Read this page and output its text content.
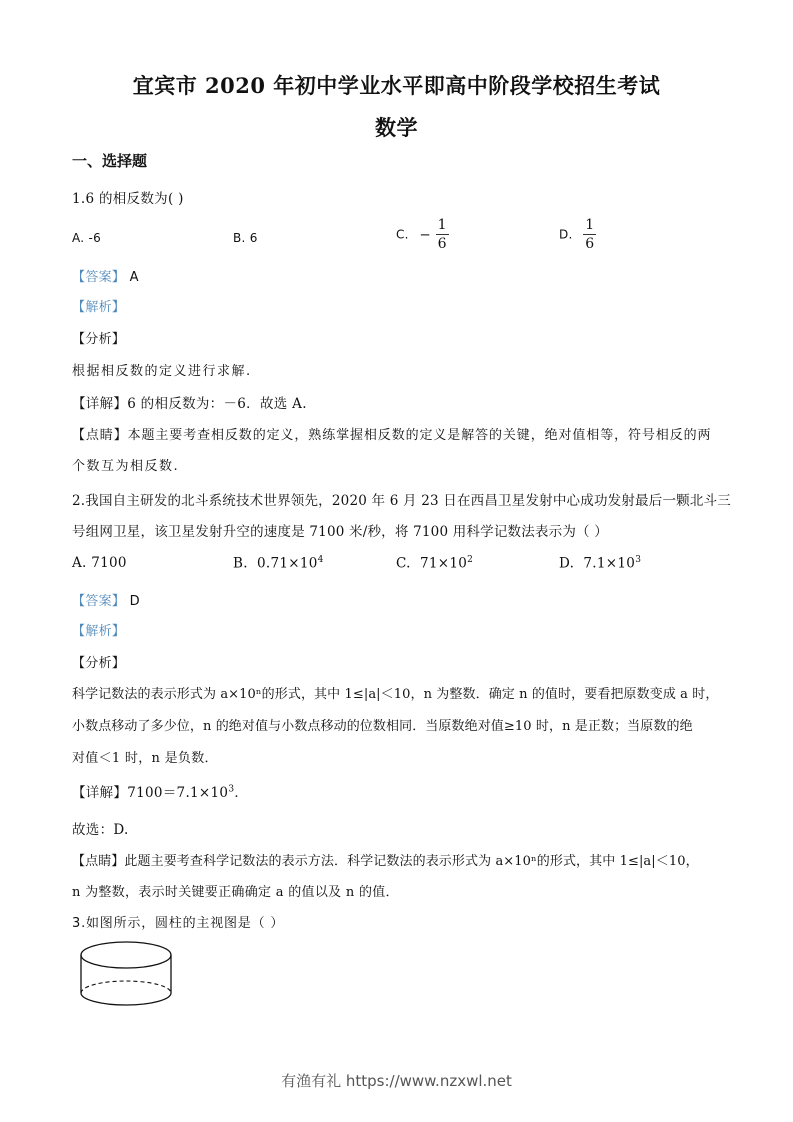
宜宾市 2020 年初中学业水平即高中阶段学校招生考试
数学
一、选择题
1.6 的相反数为( )
A. -6	B. 6	C. − $\frac{1}{6}$	D. $\frac{1}{6}$
【答案】 A
【解析】
【分析】
根据相反数的定义进行求解.
【详解】6 的相反数为：－6．故选 A.
【点睛】本题主要考查相反数的定义，熟练掌握相反数的定义是解答的关键，绝对值相等，符号相反的两
个数互为相反数.
2.我国自主研发的北斗系统技术世界领先，2020 年 6 月 23 日在西昌卫星发射中心成功发射最后一颗北斗三
号组网卫星，该卫星发射升空的速度是 7100 米/秒，将 7100 用科学记数法表示为（ ）
A. 7100	B. $0.71\times 10^4$	C. $71\times 10^2$	D. $7.1\times 10^3$
【答案】 D
【解析】
【分析】
科学记数法的表示形式为 a×10ⁿ的形式，其中 1≤|a|＜10，n 为整数．确定 n 的值时，要看把原数变成 a 时，
小数点移动了多少位，n 的绝对值与小数点移动的位数相同．当原数绝对值≥10 时，n 是正数；当原数的绝
对值＜1 时，n 是负数．
【详解】$7100=7.1\times 10^3$．
故选：D.
【点睛】此题主要考查科学记数法的表示方法．科学记数法的表示形式为 a×10ⁿ的形式，其中 1≤|a|＜10，
n 为整数，表示时关键要正确确定 a 的值以及 n 的值．
3.如图所示，圆柱的主视图是（ ）
有渔有礼 https://www.nzxwl.net
